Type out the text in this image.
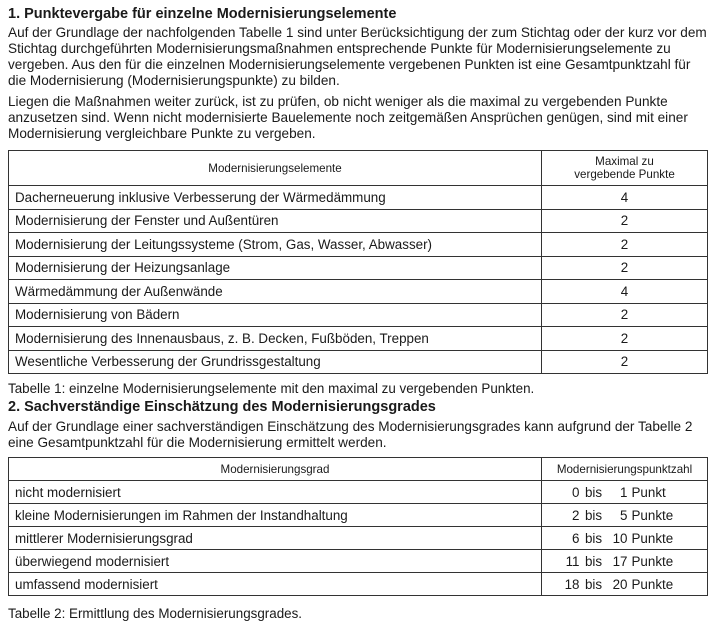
1. Punktevergabe für einzelne Modernisierungselemente

Auf der Grundlage der nachfolgenden Tabelle 1 sind unter Berücksichtigung der zum Stichtag oder der kurz vor dem Stichtag durchgeführten Modernisierungsmaßnahmen entsprechende Punkte für Modernisierungselemente zu vergeben. Aus den für die einzelnen Modernisierungselemente vergebenen Punkten ist eine Gesamtpunktzahl für die Modernisierung (Modernisierungspunkte) zu bilden.

Liegen die Maßnahmen weiter zurück, ist zu prüfen, ob nicht weniger als die maximal zu vergebenden Punkte anzusetzen sind. Wenn nicht modernisierte Bauelemente noch zeitgemäßen Ansprüchen genügen, sind mit einer Modernisierung vergleichbare Punkte zu vergeben.

Modernisierungselemente	Maximal zu
vergebende Punkte

Dacherneuerung inklusive Verbesserung der Wärmedämmung	4
Modernisierung der Fenster und Außentüren	2
Modernisierung der Leitungssysteme (Strom, Gas, Wasser, Abwasser)	2
Modernisierung der Heizungsanlage	2
Wärmedämmung der Außenwände	4
Modernisierung von Bädern	2
Modernisierung des Innenausbaus, z. B. Decken, Fußböden, Treppen	2
Wesentliche Verbesserung der Grundrissgestaltung	2
Tabelle 1: einzelne Modernisierungselemente mit den maximal zu vergebenden Punkten.
2. Sachverständige Einschätzung des Modernisierungsgrades

Auf der Grundlage einer sachverständigen Einschätzung des Modernisierungsgrades kann aufgrund der Tabelle 2 eine Gesamtpunktzahl für die Modernisierung ermittelt werden.

Modernisierungsgrad	Modernisierungspunktzahl
nicht modernisiert	0 bis 1 Punkt

kleine Modernisierungen im Rahmen der Instandhaltung	2 bis 5 Punkte

mittlerer Modernisierungsgrad	6 bis 10 Punkte

überwiegend modernisiert	11 bis 17 Punkte

umfassend modernisiert	18 bis 20 Punkte
Tabelle 2: Ermittlung des Modernisierungsgrades.
